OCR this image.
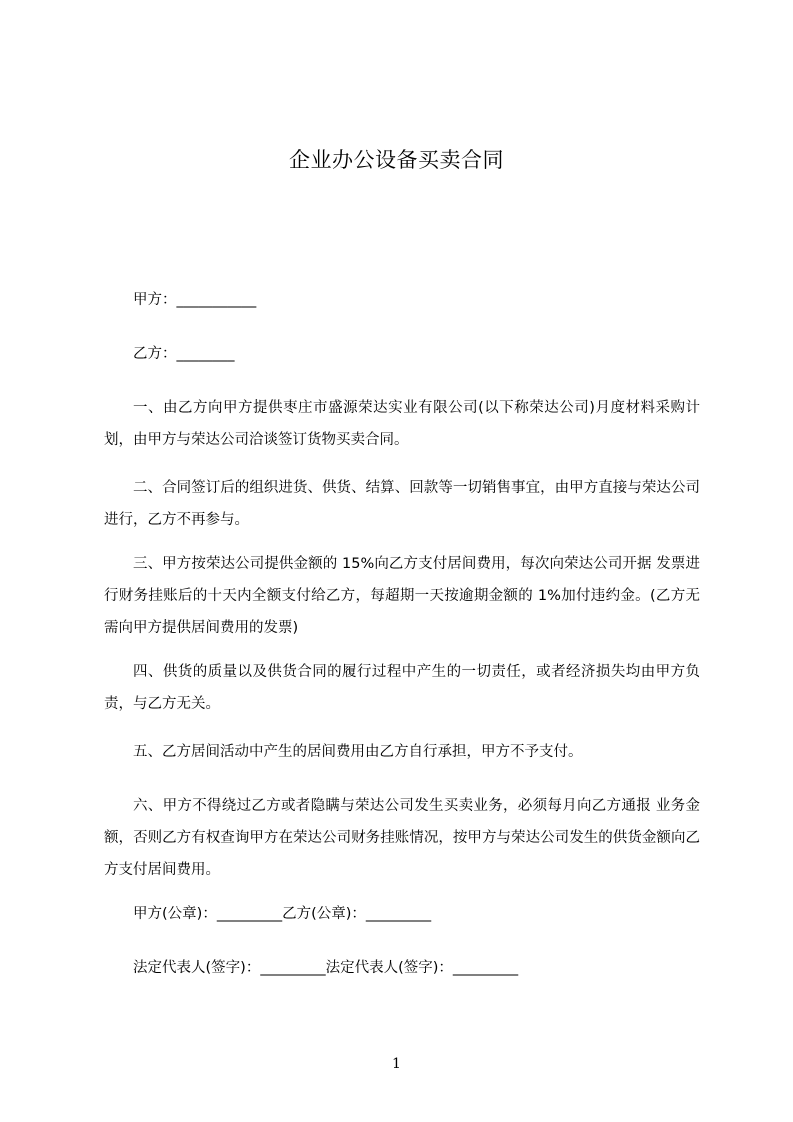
企业办公设备买卖合同
甲方：___________
乙方：________
一、由乙方向甲方提供枣庄市盛源荣达实业有限公司(以下称荣达公司)月度材料采购计划，由甲方与荣达公司洽谈签订货物买卖合同。
二、合同签订后的组织进货、供货、结算、回款等一切销售事宜，由甲方直接与荣达公司进行，乙方不再参与。
三、甲方按荣达公司提供金额的 15%向乙方支付居间费用，每次向荣达公司开据 发票进行财务挂账后的十天内全额支付给乙方，每超期一天按逾期金额的 1%加付违约金。(乙方无需向甲方提供居间费用的发票)
四、供货的质量以及供货合同的履行过程中产生的一切责任，或者经济损失均由甲方负责，与乙方无关。
五、乙方居间活动中产生的居间费用由乙方自行承担，甲方不予支付。
六、甲方不得绕过乙方或者隐瞒与荣达公司发生买卖业务，必须每月向乙方通报 业务金额，否则乙方有权查询甲方在荣达公司财务挂账情况，按甲方与荣达公司发生的供货金额向乙方支付居间费用。
甲方(公章)：_________乙方(公章)：_________
法定代表人(签字)：_________法定代表人(签字)：_________
1
